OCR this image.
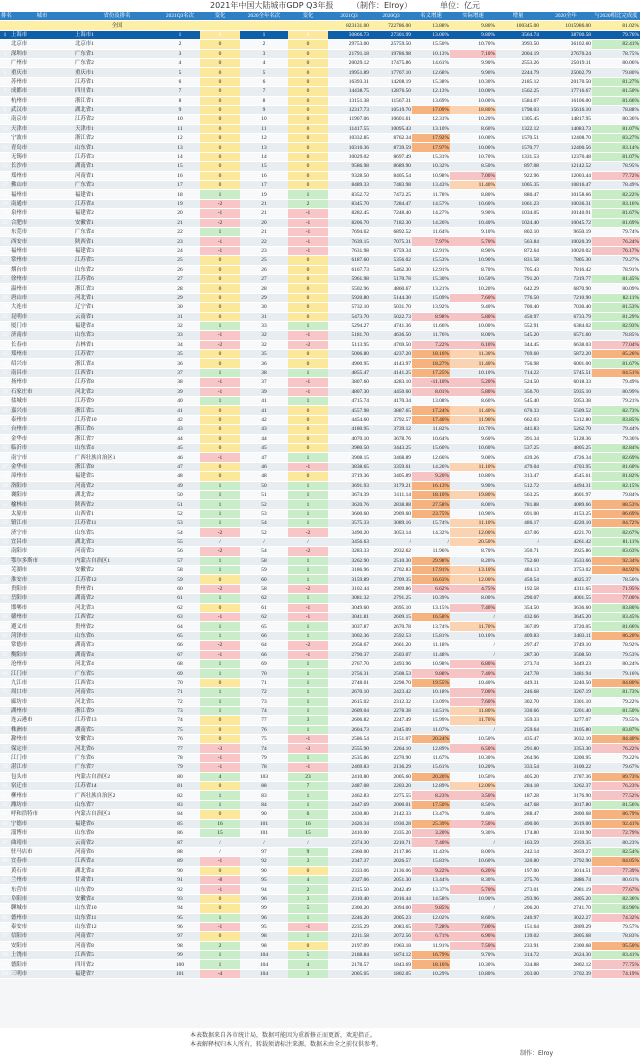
2021年中国大陆城市GDP Q3年报 （制作：Elroy）	单位：亿元
排名	城市	省份及排名	2021Q3名次	变化	2020全年名次	变化	2021Q3	2020Q3	名义增速	实际增速	增量	2020全年	与2020相比完成度
		全国					823131.00	722786.00	13.88%	9.80%	100345.00	1015986.00	81.02%
1	上海市	上海市1	1	0	1	0	30866.73	27301.99	13.06%	9.80%	3564.74	38700.58	79.76%
2	北京市	北京市1	2	0	2	0	29753.00	25759.50	15.50%	10.70%	3993.50	36102.60	82.41%
3	深圳市	广东省1	3	0	3	0	21791.18	19786.98	10.13%	7.10%	2004.19	27670.24	78.75%
4	广州市	广东省2	4	0	4	0	20029.12	17475.86	14.61%	9.90%	2553.26	25019.11	80.06%
5	重庆市	重庆市1	5	0	5	0	19951.89	17707.10	12.68%	9.90%	2244.79	25002.79	79.80%
6	苏州市	江苏省1	6	0	6	0	16393.31	14208.19	15.38%	10.30%	2185.12	20170.50	81.27%
7	成都市	四川省1	7	0	7	0	14438.75	12876.50	12.13%	10.00%	1562.25	17716.67	81.50%
8	杭州市	浙江省1	8	0	8	0	13151.38	11567.31	13.69%	10.00%	1584.07	16106.00	81.66%
9	武汉市	湖北省1	9	0	9	0	12317.73	10519.70	17.09%	18.80%	1798.03	15616.10	78.88%
10	南京市	江苏省2	10	0	10	0	11907.06	10601.61	12.31%	10.20%	1305.45	14817.95	80.36%
11	天津市	天津市1	11	0	11	0	11417.55	10095.43	13.10%	8.60%	1322.12	14083.73	81.07%
12	宁波市	浙江省2	12	0	12	0	10332.85	8762.34	17.92%	10.00%	1570.51	12408.70	83.27%
13	青岛市	山东省1	13	0	13	0	10310.36	8739.59	17.97%	10.00%	1570.77	12400.56	83.14%
14	无锡市	江苏省3	14	0	14	0	10029.02	8697.49	15.31%	10.70%	1331.53	12370.48	81.07%
15	长沙市	湖南省1	15	0	15	0	9586.98	8689.90	10.32%	8.50%	897.08	12142.52	78.95%
16	郑州市	河南省1	16	0	16	0	9328.50	8405.54	10.98%	7.00%	922.96	12003.44	77.72%
17	佛山市	广东省3	17	0	17	0	8489.33	7483.98	13.43%	11.40%	1005.35	10816.47	78.49%
18	福州市	福建省1	18	1	19	1	8352.72	7472.25	11.78%	8.80%	880.47	10158.66	82.22%
19	南通市	江苏省4	19	-2	21	2	8345.70	7284.47	14.57%	10.60%	1061.23	10036.31	83.16%
20	泉州市	福建省2	20	-1	21	-1	8282.45	7248.40	14.27%	9.90%	1034.05	10140.91	81.67%
21	合肥市	安徽省1	21	-2	20	-1	8206.70	7182.30	14.26%	10.40%	1024.40	10045.72	81.69%
22	东莞市	广东省4	22	1	21	-1	7694.62	6892.52	11.64%	9.10%	802.10	9650.19	79.74%
23	西安市	陕西省1	23	-1	22	-1	7639.15	7075.31	7.97%	5.70%	563.84	10020.39	76.24%
24	福州市	福建省3	24	-1	23	-1	7631.98	6759.34	12.91%	8.90%	872.64	10020.02	76.17%
25	常州市	江苏省5	25	0	25	0	6187.60	5356.02	15.53%	10.90%	831.58	7805.30	79.27%
26	烟台市	山东省2	26	0	26	0	6167.73	5462.30	12.91%	8.70%	705.43	7816.42	78.91%
27	徐州市	江苏省6	27	0	27	0	5961.98	5170.78	15.30%	10.50%	791.20	7319.77	81.45%
28	温州市	浙江省3	28	0	28	0	5502.96	4860.67	13.21%	10.20%	642.29	6870.90	80.09%
29	唐山市	河北省1	29	0	29	0	5920.80	5144.30	15.09%	7.60%	776.50	7210.90	82.11%
30	大连市	辽宁省1	30	0	30	0	5732.10	5031.70	13.92%	9.40%	700.40	7030.40	81.53%
31	昆明市	云南省1	31	0	31	0	5473.70	5022.73	8.98%	5.80%	450.97	6733.79	81.29%
32	厦门市	福建省4	32	1	33	1	5294.27	4741.36	11.66%	10.00%	552.91	6384.02	82.93%
33	济南市	山东省3	33	-1	32	-1	5181.70	4636.50	11.76%	8.00%	545.20	6571.60	78.85%
34	长春市	吉林省1	34	-2	32	-2	5113.95	4769.50	7.22%	6.10%	344.45	6638.03	77.04%
35	郑州市	江苏省7	35	0	35	0	5006.80	4237.20	18.16%	11.30%	769.60	5872.20	85.26%
36	绍兴市	浙江省4	36	0	36	0	4900.95	4143.97	18.27%	11.40%	756.98	6001.00	81.67%
37	南昌市	江西省1	37	1	38	1	4855.47	4141.25	17.25%	10.10%	714.22	5745.51	84.51%
38	扬州市	江苏省8	38	-1	37	-1	3807.60	4283.10	-11.10%	5.20%	524.50	6018.33	79.49%
39	石家庄市	河北省2	39	-1	39	-1	4807.30	4450.60	8.01%	5.80%	356.70	5935.10	80.99%
40	盐城市	江苏省9	40	1	41	1	4715.74	4170.34	13.08%	8.60%	545.40	5953.38	79.21%
41	嘉兴市	浙江省5	41	0	41	0	4557.98	3887.65	17.24%	11.40%	670.33	5509.52	82.73%
42	泰州市	江苏省10	42	0	42	0	4454.60	3792.57	17.46%	11.90%	662.03	5312.80	83.85%
43	台州市	浙江省6	43	0	43	0	4180.95	3739.12	11.82%	10.70%	441.83	5262.70	79.44%
44	金华市	浙江省7	44	0	44	0	4070.10	3678.76	10.64%	9.60%	391.34	5128.36	79.36%
45	临沂市	山东省4	45	0	45	0	3980.50	3443.25	15.60%	10.60%	537.25	4805.25	82.84%
46	南宁市	广西壮族自治区1	46	-1	47	1	3908.15	3468.89	12.66%	9.00%	439.26	4726.34	82.69%
47	金华市	浙江省8	47	0	46	-1	3838.65	3359.61	14.26%	11.10%	479.04	4703.95	81.60%
48	漳州市	福建省5	48	0	48	0	3719.36	3405.89	9.20%	10.80%	313.47	4545.61	81.82%
49	洛阳市	河南省2	49	1	50	1	3691.93	3179.21	16.13%	9.90%	512.72	4494.31	82.15%
50	襄阳市	湖北省2	50	1	51	1	3674.39	3111.14	18.10%	19.80%	563.25	4601.97	79.84%
51	榆林市	陕西省2	51	1	52	1	3620.76	2838.88	27.58%	8.00%	781.88	4089.66	88.53%
52	太原市	山西省1	52	1	53	1	3600.60	2909.60	23.75%	10.90%	691.00	4153.25	86.69%
53	镇江市	江苏省11	53	1	54	1	3575.33	3089.16	15.74%	11.10%	486.17	4220.10	84.72%
54	济宁市	山东省5	54	-2	52	-2	3490.20	3053.14	14.32%	12.00%	437.06	4221.70	82.67%
55	宜昌市	湖北省3	55	/	/	/	3456.63	/	/	20.50%	/	4261.42	81.11%
56	南阳市	河南省3	56	-2	54	-2	3283.33	2932.62	11.96%	8.70%	350.71	3925.86	83.63%
57	鄂尔多斯市	内蒙古自治区1	57	1	58	1	3262.90	2510.30	29.98%	8.20%	752.60	3533.66	92.34%
58	芜湖市	安徽省2	58	1	59	1	3186.96	2702.83	17.91%	13.10%	484.13	3753.02	84.92%
59	淮安市	江苏省12	59	0	60	1	3159.89	2709.35	16.63%	12.00%	450.54	4025.37	78.50%
60	贵阳市	贵州省1	60	-2	58	-2	3102.44	2909.86	6.62%	4.75%	192.58	4311.65	71.95%
61	岳阳市	湖南省2	61	1	62	1	3081.32	2791.25	10.39%	8.00%	290.07	4001.55	77.00%
62	邯郸市	河北省3	62	0	61	-1	3049.60	2695.10	13.15%	7.40%	354.50	3636.60	83.86%
63	赣州市	江西省2	63	-1	62	-1	3041.81	2609.15	16.58%	/	432.66	3645.20	83.45%
64	遵义市	贵州省2	64	1	65	1	3037.87	2670.78	13.74%	11.70%	367.09	3720.05	81.66%
65	菏泽市	山东省6	65	1	66	1	3002.36	2592.53	15.81%	10.10%	409.83	3483.11	86.20%
66	常德市	湖南省3	66	-2	64	-2	2958.67	2661.20	11.18%	/	297.47	3749.10	78.92%
67	衡阳市	湖南省4	67	-1	66	-1	2790.37	2503.07	11.48%	/	287.30	3508.50	79.53%
68	沧州市	河北省4	68	1	69	1	2767.70	2493.96	10.98%	6.80%	273.74	3449.23	80.24%
69	江门市	广东省5	69	1	70	1	2756.31	2508.53	9.88%	7.40%	247.78	3481.94	79.16%
70	九江市	江西省3	70	0	71	1	2748.01	2298.70	19.55%	10.40%	449.31	3240.50	84.80%
71	周口市	河南省5	71	1	72	1	2670.10	2423.42	10.18%	7.00%	246.68	3267.19	81.73%
72	廊坊市	河北省5	72	1	73	1	2615.02	2312.32	13.09%	7.60%	302.70	3301.10	79.22%
73	湖州市	浙江省9	73	1	74	1	2609.04	2278.38	14.51%	11.80%	330.66	3201.40	81.50%
74	连云港市	江苏省13	74	0	77	3	2606.82	2247.49	15.99%	11.70%	359.33	3277.07	79.55%
75	株洲市	湖南省5	75	0	76	1	2604.73	2345.09	11.07%	/	259.64	3105.80	83.87%
76	滁州市	安徽省3	76	0	75	-1	2586.54	2151.07	20.24%	10.50%	435.47	3032.10	84.40%
77	保定市	河北省6	77	-3	74	-3	2555.90	2264.10	12.89%	6.50%	291.80	3353.30	76.22%
78	江门市	广东省6	78	-1	79	1	2535.86	2270.90	11.67%	10.30%	264.96	3200.95	79.22%
79	湛江市	广东省7	79	-1	78	-1	2469.83	2136.29	15.61%	10.20%	333.54	3100.22	79.67%
80	包头市	内蒙古自治区2	80	4	103	23	2410.80	2005.60	20.20%	10.50%	405.20	2787.36	89.73%
81	宿迁市	江苏省14	81	0	88	7	2487.08	2203.20	12.89%	12.00%	284.18	3262.37	76.23%
82	柳州市	广西壮族自治区2	82	1	83	1	2462.83	2275.55	8.23%	3.50%	187.28	3176.90	77.52%
83	潍坊市	山东省7	83	1	84	1	2447.69	2000.01	17.50%	8.50%	447.68	3017.80	81.56%
84	呼和浩特市	内蒙古自治区3	84	0	90	6	2430.80	2142.33	13.47%	9.40%	288.47	2800.68	86.79%
85	宁德市	福建省6	85	16	101	16	2420.34	1930.28	25.39%	7.50%	490.06	2619.00	92.41%
86	淄博市	山东省8	86	15	101	15	2410.00	2335.20	3.20%	9.30%	174.80	3310.90	72.79%
87	曲靖市	云南省2	87	/	/	/	2374.30	2210.71	7.40%	/	163.59	2959.35	80.23%
88	驻马店市	河南省6	88	/	97	9	2360.00	2117.86	11.43%	8.00%	242.14	2859.27	82.54%
89	宜春市	江西省4	89	-1	92	3	2347.37	2026.57	15.83%	10.60%	320.80	2792.90	84.05%
90	黄石市	湖北省4	90	0	90	0	2333.06	2136.06	9.22%	6.20%	197.00	3014.51	77.39%
91	兰州市	甘肃省1	91	-8	95	4	2327.06	2051.30	13.44%	8.30%	275.76	2886.74	80.61%
92	东营市	山东省9	92	-1	94	2	2315.50	2042.49	13.37%	5.70%	273.01	2981.19	77.67%
93	阜阳市	安徽省4	93	0	96	3	2310.40	2016.44	14.58%	10.90%	293.96	2805.20	82.36%
94	聊城市	山东省10	94	0	99	5	2300.20	2094.00	9.85%	/	206.20	2741.70	83.90%
95	德州市	山东省11	95	1	96	1	2246.20	2005.23	12.02%	8.60%	240.97	3022.27	74.32%
96	泰安市	山东省12	96	-1	95	-1	2235.29	2083.65	7.28%	7.00%	151.64	2809.29	79.57%
97	信阳市	河南省7	97	0	98	1	2211.58	2072.56	6.71%	6.90%	139.02	2805.68	78.83%
98	安阳市	河南省8	98	2	98	0	2197.09	1963.18	11.91%	7.50%	233.91	2300.68	95.50%
99	上饶市	江西省5	99	1	104	5	2188.84	1874.12	16.79%	9.70%	314.72	2624.30	83.41%
100	德阳市	四川省2	100	1	104	4	2178.57	1843.69	18.16%	10.30%	334.88	2802.12	77.75%
101	三明市	福建省7	101	-4	104	3	2005.05	1802.05	10.29%	10.80%	203.00	2702.39	74.19%
本表数据来自各市统计局，数据可能因为重新修正而更新，欢迎指正。
本表解释权归本人所有，转载须请标注来源。数据未由全之前仅供参考。
制作：Elroy
